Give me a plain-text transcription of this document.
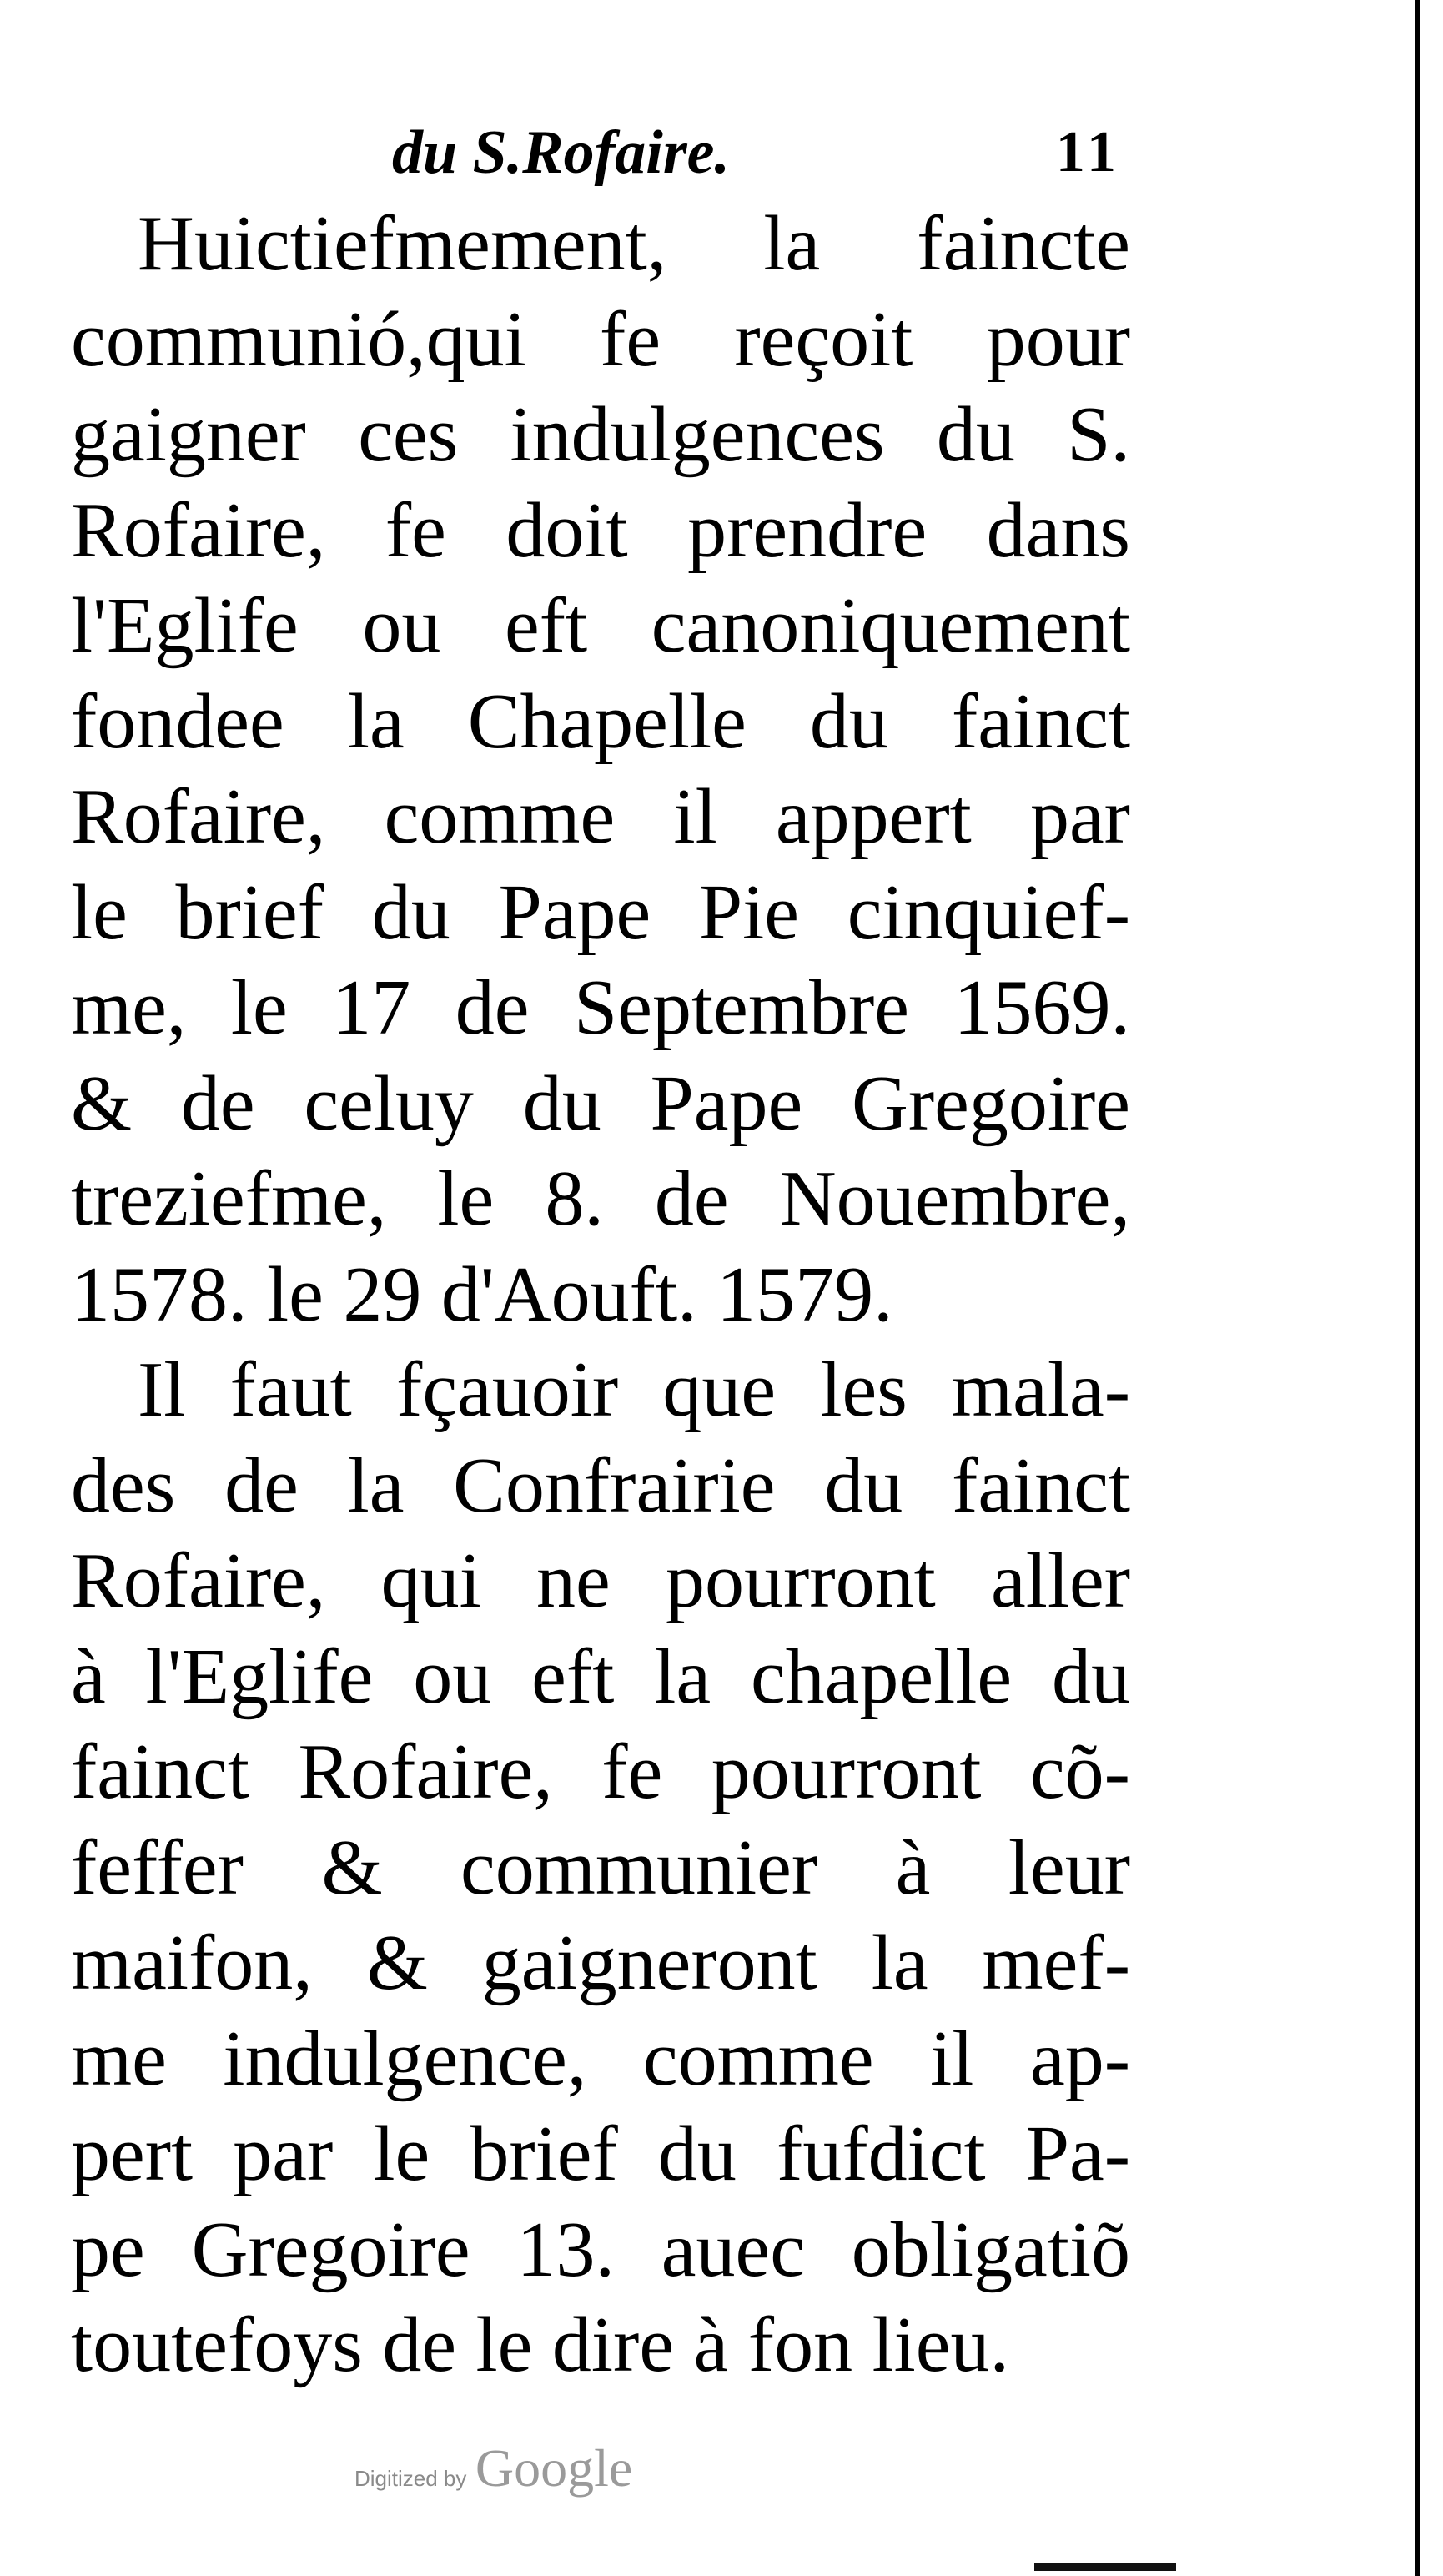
du S.Rofaire.	11
Huictiefmement, la faincte
communió,qui fe reçoit pour
gaigner ces indulgences du S.
Rofaire, fe doit prendre dans
l'Eglife ou eft canoniquement
fondee la Chapelle du fainct
Rofaire, comme il appert par
le brief du Pape Pie cinquief-
me, le 17 de Septembre 1569.
& de celuy du Pape Gregoire
treziefme, le 8. de Nouembre,
1578. le 29 d'Aouft. 1579.
Il faut fçauoir que les mala-
des de la Confrairie du fainct
Rofaire, qui ne pourront aller
à l'Eglife ou eft la chapelle du
fainct Rofaire, fe pourront cõ-
feffer & communier à leur
maifon, & gaigneront la mef-
me indulgence, comme il ap-
pert par le brief du fufdict Pa-
pe Gregoire 13. auec obligatiõ
toutefoys de le dire à fon lieu.
Digitized by Google
